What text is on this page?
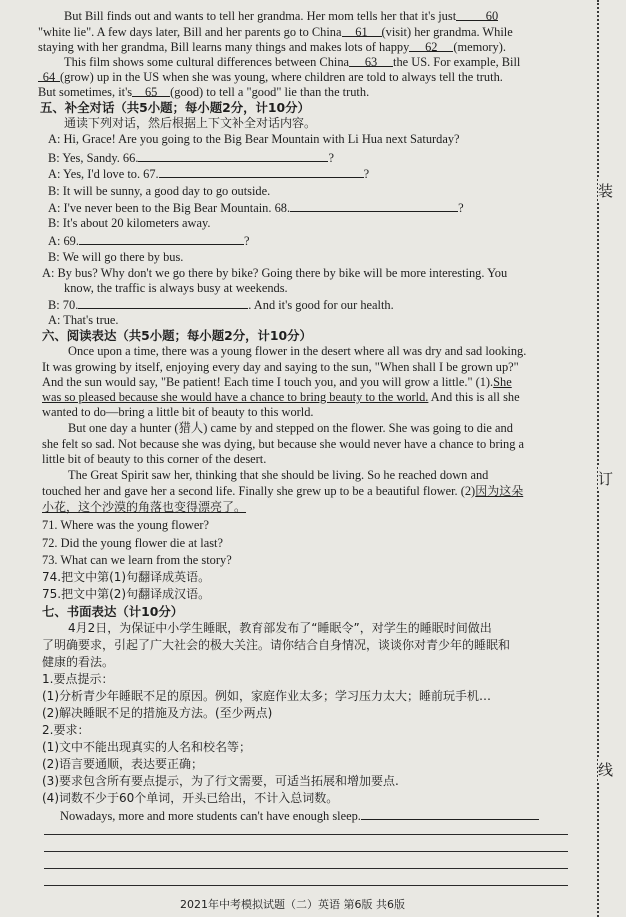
But Bill finds out and wants to tell her grandma. Her mom tells her that it's just 60
"white lie". A few days later, Bill and her parents go to China 61 (visit) her grandma. While
staying with her grandma, Bill learns many things and makes lots of happy 62 (memory).
This film shows some cultural differences between China 63 the US. For example, Bill
64 (grow) up in the US when she was young, where children are told to always tell the truth.
But sometimes, it's 65 (good) to tell a "good" lie than the truth.
五、补全对话（共5小题；每小题2分，计10分）
通读下列对话，然后根据上下文补全对话内容。
A: Hi, Grace! Are you going to the Big Bear Mountain with Li Hua next Saturday?
B: Yes, Sandy. 66.	?
A: Yes, I'd love to. 67.	?
B: It will be sunny, a good day to go outside.
A: I've never been to the Big Bear Mountain. 68.	?
B: It's about 20 kilometers away.
A: 69.	?
B: We will go there by bus.
A: By bus? Why don't we go there by bike? Going there by bike will be more interesting. You
know, the traffic is always busy at weekends.
B: 70.	. And it's good for our health.
A: That's true.
六、阅读表达（共5小题；每小题2分，计10分）
Once upon a time, there was a young flower in the desert where all was dry and sad looking.
It was growing by itself, enjoying every day and saying to the sun, "When shall I be grown up?"
And the sun would say, "Be patient! Each time I touch you, and you will grow a little." (1).She
was so pleased because she would have a chance to bring beauty to the world. And this is all she
wanted to do—bring a little bit of beauty to this world.
But one day a hunter (猎人) came by and stepped on the flower. She was going to die and
she felt so sad. Not because she was dying, but because she would never have a chance to bring a
little bit of beauty to this corner of the desert.
The Great Spirit saw her, thinking that she should be living. So he reached down and
touched her and gave her a second life. Finally she grew up to be a beautiful flower. (2)因为这朵
小花，这个沙漠的角落也变得漂亮了。
71. Where was the young flower?
72. Did the young flower die at last?
73. What can we learn from the story?
74.把文中第(1)句翻译成英语。
75.把文中第(2)句翻译成汉语。
七、书面表达（计10分）
4月2日，为保证中小学生睡眠，教育部发布了“睡眠令”，对学生的睡眠时间做出
了明确要求，引起了广大社会的极大关注。请你结合自身情况，谈谈你对青少年的睡眠和
健康的看法。
1.要点提示：
(1)分析青少年睡眠不足的原因。例如，家庭作业太多；学习压力太大；睡前玩手机…
(2)解决睡眠不足的措施及方法。(至少两点)
2.要求：
(1)文中不能出现真实的人名和校名等；
(2)语言要通顺，表达要正确；
(3)要求包含所有要点提示，为了行文需要，可适当拓展和增加要点.
(4)词数不少于60个单词，开头已给出，不计入总词数。
Nowadays, more and more students can't have enough sleep.
装
订
线
2021年中考模拟试题（二）英语 第6版 共6版
